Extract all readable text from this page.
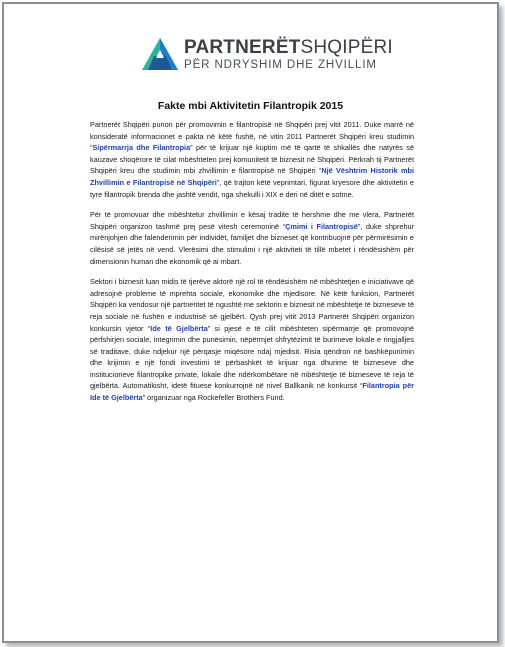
PARTNERËTSHQIPËRI
PËR NDRYSHIM DHE ZHVILLIM
Fakte mbi Aktivitetin Filantropik 2015

Partnerët Shqipëri punon për promovimin e filantropisë në Shqipëri prej vitit 2011. Duke marrë në konsideratë informacionet e pakta në këtë fushë, në vitin 2011 Partnerët Shqipëri kreu studimin “Sipërmarrja dhe Filantropia” për të krijuar një kuptim më të qartë të shkallës dhe natyrës së kauzave shoqërore të cilat mbështeten prej komunitetit të biznesit në Shqipëri. Përkrah tij Partnerët Shqipëri kreu dhe studimin mbi zhvillimin e filantropisë në Shqipëri “Një Vështrim Historik mbi Zhvillimin e Filantropisë në Shqipëri”, që trajton këtë veprimtari, figurat kryesore dhe aktivitetin e tyre filantropik brenda dhe jashtë vendit, nga shekulli i XIX e deri në ditët e sotme.

Për të promovuar dhe mbështetur zhvillimin e kësaj tradite të hershme dhe me vlera, Partnerët Shqipëri organizon tashmë prej pesë vitesh ceremoninë “Çmimi i Filantropisë”, duke shprehur mirënjohjen dhe falenderimin për individët, familjet dhe bizneset që kontribuojnë për përmirësimin e cilësisë së jetës në vend. Vlerësimi dhe stimulimi i një aktiviteti të tillë mbetet i rëndësishëm për dimensionin human dhe ekonomik që ai mbart.

Sektori i biznesit luan midis të tjerëve aktorë një rol të rëndësishëm në mbështetjen e iniciativave që adresojnë probleme të mprehta sociale, ekonomike dhe mjedisore. Në këtë funksion, Partnerët Shqipëri ka vendosur një partneritet të ngushtë me sektorin e biznesit në mbështetje të bizneseve të reja sociale në fushën e industrisë së gjelbërt. Qysh prej vitit 2013 Partnerët Shqipëri organizon konkursin vjetor “Ide të Gjelbërta” si pjesë e të cilit mbështeten sipërmarrje që promovojnë përfshirjen sociale, integrimin dhe punësimin, nëpërmjet shfrytëzimit të burimeve lokale e ringjalljes së traditave, duke ndjekur një përqasje miqësore ndaj mjedisit. Risia qëndron në bashkëpunimin dhe krijimin e një fondi investimi të përbashkët të krijuar nga dhurime të bizneseve dhe institucioneve filantropike private, lokale dhe ndërkombëtare në mbështetje të bizneseve të reja të gjelbërta. Automatikisht, idetë fituese konkurrojnë në nivel Ballkanik në konkursit “Filantropia për Ide të Gjelbërta” organizuar nga Rockefeller Brothers Fund.
